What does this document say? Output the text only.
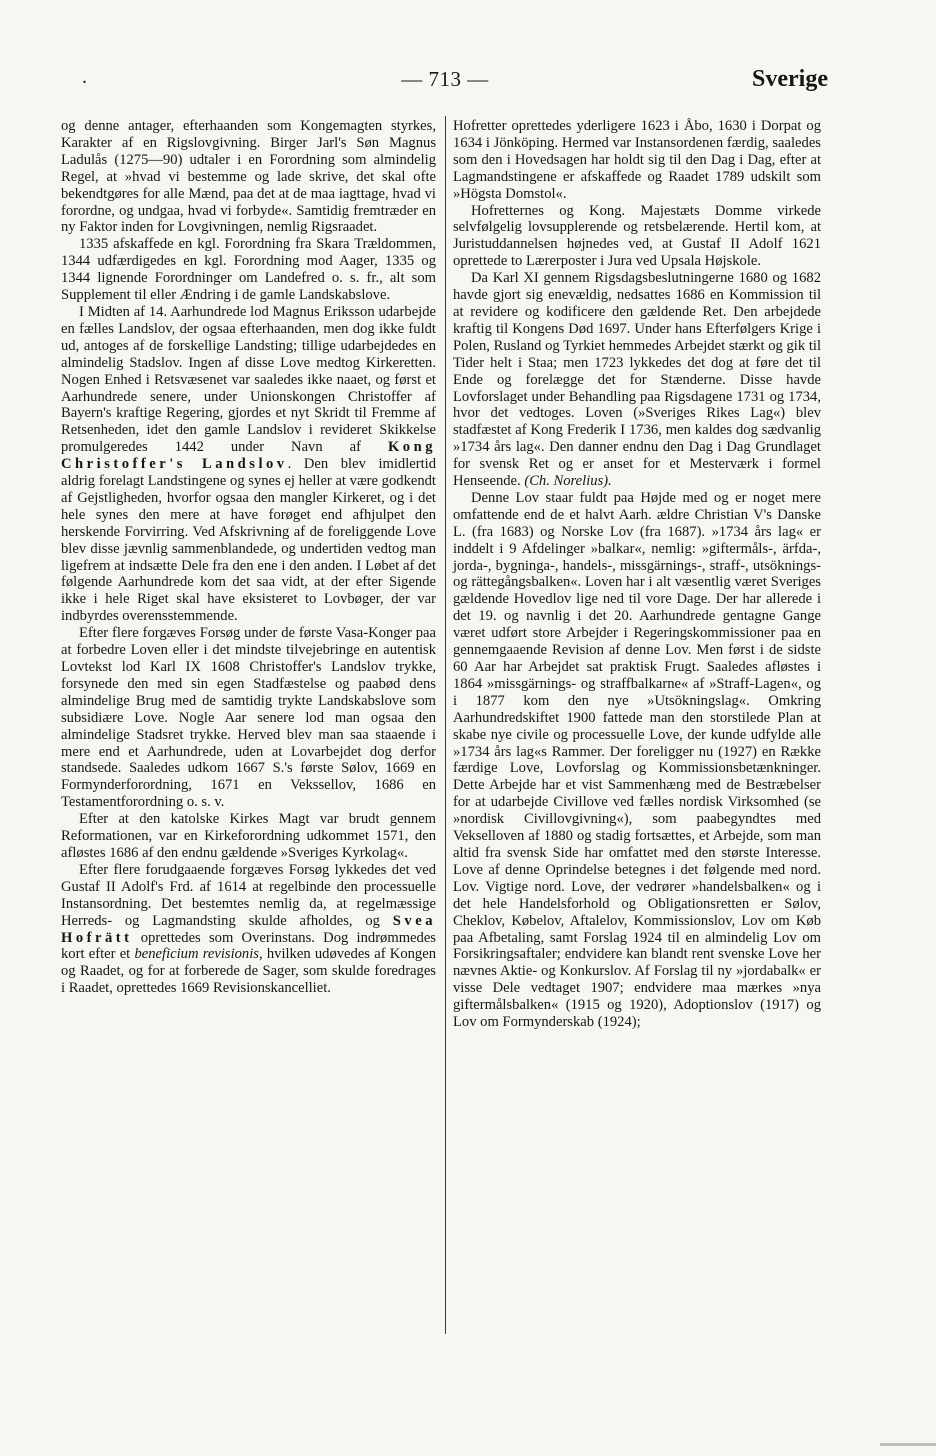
.	— 713 —	Sverige

og denne antager, efterhaanden som Kongemagten styrkes, Karakter af en Rigslovgivning. Birger Jarl's Søn Magnus Ladulås (1275—90) udtaler i en Forordning som almindelig Regel, at »hvad vi bestemme og lade skrive, det skal ofte bekendtgøres for alle Mænd, paa det at de maa iagttage, hvad vi forordne, og undgaa, hvad vi forbyde«. Samtidig fremtræder en ny Faktor inden for Lovgivningen, nemlig Rigsraadet.

1335 afskaffede en kgl. Forordning fra Skara Trældommen, 1344 udfærdigedes en kgl. Forordning mod Aager, 1335 og 1344 lignende Forordninger om Landefred o. s. fr., alt som Supplement til eller Ændring i de gamle Landskabslove.

I Midten af 14. Aarhundrede lod Magnus Eriksson udarbejde en fælles Landslov, der ogsaa efterhaanden, men dog ikke fuldt ud, antoges af de forskellige Landsting; tillige udarbejdedes en almindelig Stadslov. Ingen af disse Love medtog Kirkeretten. Nogen Enhed i Retsvæsenet var saaledes ikke naaet, og først et Aarhundrede senere, under Unionskongen Christoffer af Bayern's kraftige Regering, gjordes et nyt Skridt til Fremme af Retsenheden, idet den gamle Landslov i revideret Skikkelse promulgeredes 1442 under Navn af Kong Christoffer's Landslov. Den blev imidlertid aldrig forelagt Landstingene og synes ej heller at være godkendt af Gejstligheden, hvorfor ogsaa den mangler Kirkeret, og i det hele synes den mere at have forøget end afhjulpet den herskende Forvirring. Ved Afskrivning af de foreliggende Love blev disse jævnlig sammenblandede, og undertiden vedtog man ligefrem at indsætte Dele fra den ene i den anden. I Løbet af det følgende Aarhundrede kom det saa vidt, at der efter Sigende ikke i hele Riget skal have eksisteret to Lovbøger, der var indbyrdes overensstemmende.

Efter flere forgæves Forsøg under de første Vasa-Konger paa at forbedre Loven eller i det mindste tilvejebringe en autentisk Lovtekst lod Karl IX 1608 Christoffer's Landslov trykke, forsynede den med sin egen Stadfæstelse og paabød dens almindelige Brug med de samtidig trykte Landskabslove som subsidiære Love. Nogle Aar senere lod man ogsaa den almindelige Stadsret trykke. Herved blev man saa staaende i mere end et Aarhundrede, uden at Lovarbejdet dog derfor standsede. Saaledes udkom 1667 S.'s første Sølov, 1669 en Formynderforordning, 1671 en Vekssellov, 1686 en Testamentforordning o. s. v.

Efter at den katolske Kirkes Magt var brudt gennem Reformationen, var en Kirkeforordning udkommet 1571, den afløstes 1686 af den endnu gældende »Sveriges Kyrkolag«.

Efter flere forudgaaende forgæves Forsøg lykkedes det ved Gustaf II Adolf's Frd. af 1614 at regelbinde den processuelle Instansordning. Det bestemtes nemlig da, at regelmæssige Herreds- og Lagmandsting skulde afholdes, og Svea Hofrätt oprettedes som Overinstans. Dog indrømmedes kort efter et beneficium revisionis, hvilken udøvedes af Kongen og Raadet, og for at forberede de Sager, som skulde foredrages i Raadet, oprettedes 1669 Revisionskancelliet.

Hofretter oprettedes yderligere 1623 i Åbo, 1630 i Dorpat og 1634 i Jönköping. Hermed var Instansordenen færdig, saaledes som den i Hovedsagen har holdt sig til den Dag i Dag, efter at Lagmandstingene er afskaffede og Raadet 1789 udskilt som »Högsta Domstol«.

Hofretternes og Kong. Majestæts Domme virkede selvfølgelig lovsupplerende og retsbelærende. Hertil kom, at Juristuddannelsen højnedes ved, at Gustaf II Adolf 1621 oprettede to Lærerposter i Jura ved Upsala Højskole.

Da Karl XI gennem Rigsdagsbeslutningerne 1680 og 1682 havde gjort sig enevældig, nedsattes 1686 en Kommission til at revidere og kodificere den gældende Ret. Den arbejdede kraftig til Kongens Død 1697. Under hans Efterfølgers Krige i Polen, Rusland og Tyrkiet hemmedes Arbejdet stærkt og gik til Tider helt i Staa; men 1723 lykkedes det dog at føre det til Ende og forelægge det for Stænderne. Disse havde Lovforslaget under Behandling paa Rigsdagene 1731 og 1734, hvor det vedtoges. Loven (»Sveriges Rikes Lag«) blev stadfæstet af Kong Frederik I 1736, men kaldes dog sædvanlig »1734 års lag«. Den danner endnu den Dag i Dag Grundlaget for svensk Ret og er anset for et Mesterværk i formel Henseende. (Ch. Norelius).

Denne Lov staar fuldt paa Højde med og er noget mere omfattende end de et halvt Aarh. ældre Christian V's Danske L. (fra 1683) og Norske Lov (fra 1687). »1734 års lag« er inddelt i 9 Afdelinger »balkar«, nemlig: »giftermåls-, ärfda-, jorda-, bygninga-, handels-, missgärnings-, straff-, utsöknings- og rättegångsbalken«. Loven har i alt væsentlig været Sveriges gældende Hovedlov lige ned til vore Dage. Der har allerede i det 19. og navnlig i det 20. Aarhundrede gentagne Gange været udført store Arbejder i Regeringskommissioner paa en gennemgaaende Revision af denne Lov. Men først i de sidste 60 Aar har Arbejdet sat praktisk Frugt. Saaledes afløstes i 1864 »missgärnings- og straffbalkarne« af »Straff-Lagen«, og i 1877 kom den nye »Utsökningslag«. Omkring Aarhundredskiftet 1900 fattede man den storstilede Plan at skabe nye civile og processuelle Love, der kunde udfylde alle »1734 års lag«s Rammer. Der foreligger nu (1927) en Række færdige Love, Lovforslag og Kommissionsbetænkninger. Dette Arbejde har et vist Sammenhæng med de Bestræbelser for at udarbejde Civillove ved fælles nordisk Virksomhed (se »nordisk Civillovgivning«), som paabegyndtes med Vekselloven af 1880 og stadig fortsættes, et Arbejde, som man altid fra svensk Side har omfattet med den største Interesse. Love af denne Oprindelse betegnes i det følgende med nord. Lov. Vigtige nord. Love, der vedrører »handelsbalken« og i det hele Handelsforhold og Obligationsretten er Sølov, Cheklov, Købelov, Aftalelov, Kommissionslov, Lov om Køb paa Afbetaling, samt Forslag 1924 til en almindelig Lov om Forsikringsaftaler; endvidere kan blandt rent svenske Love her nævnes Aktie- og Konkurslov. Af Forslag til ny »jordabalk« er visse Dele vedtaget 1907; endvidere maa mærkes »nya giftermålsbalken« (1915 og 1920), Adoptionslov (1917) og Lov om Formynderskab (1924);
